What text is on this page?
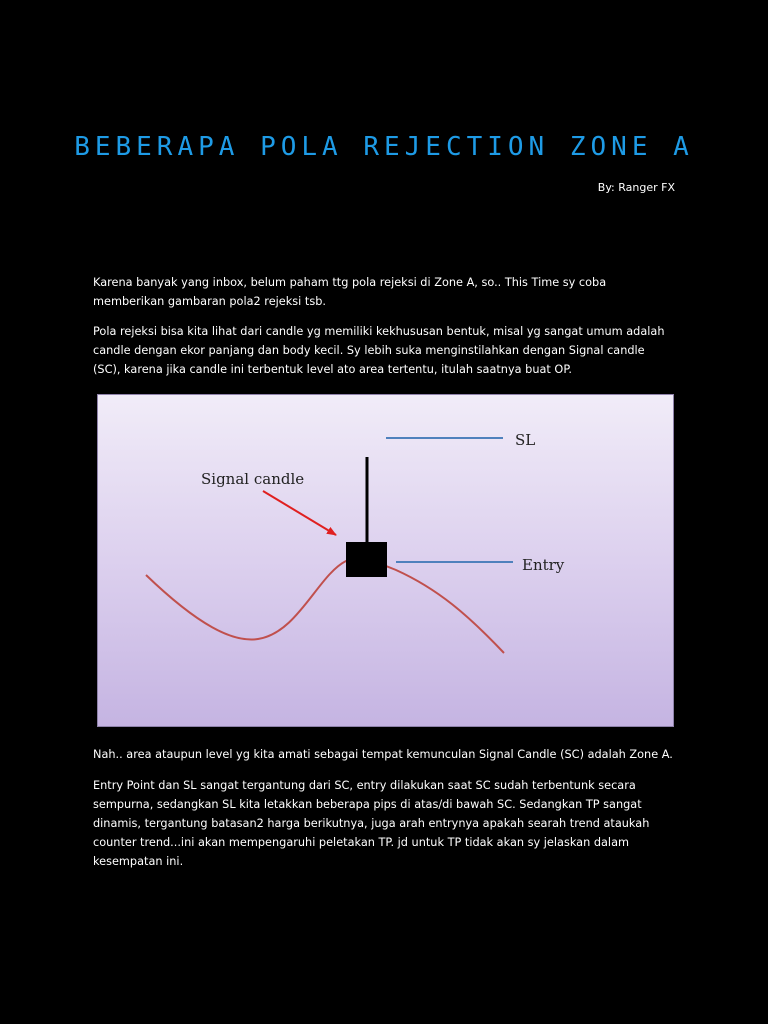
BEBERAPA POLA REJECTION ZONE A
By: Ranger FX
Karena banyak yang inbox, belum paham ttg pola rejeksi di Zone A, so.. This Time sy coba
memberikan gambaran pola2 rejeksi tsb.
Pola rejeksi bisa kita lihat dari candle yg memiliki kekhususan bentuk, misal yg sangat umum adalah
candle dengan ekor panjang dan body kecil. Sy lebih suka menginstilahkan dengan Signal candle
(SC), karena jika candle ini terbentuk level ato area tertentu, itulah saatnya buat OP.
Signal candle
SL
Entry
Nah.. area ataupun level yg kita amati sebagai tempat kemunculan Signal Candle (SC) adalah Zone A.
Entry Point dan SL sangat tergantung dari SC, entry dilakukan saat SC sudah terbentunk secara
sempurna, sedangkan SL kita letakkan beberapa pips di atas/di bawah SC. Sedangkan TP sangat
dinamis, tergantung batasan2 harga berikutnya, juga arah entrynya apakah searah trend ataukah
counter trend...ini akan mempengaruhi peletakan TP. jd untuk TP tidak akan sy jelaskan dalam
kesempatan ini.
